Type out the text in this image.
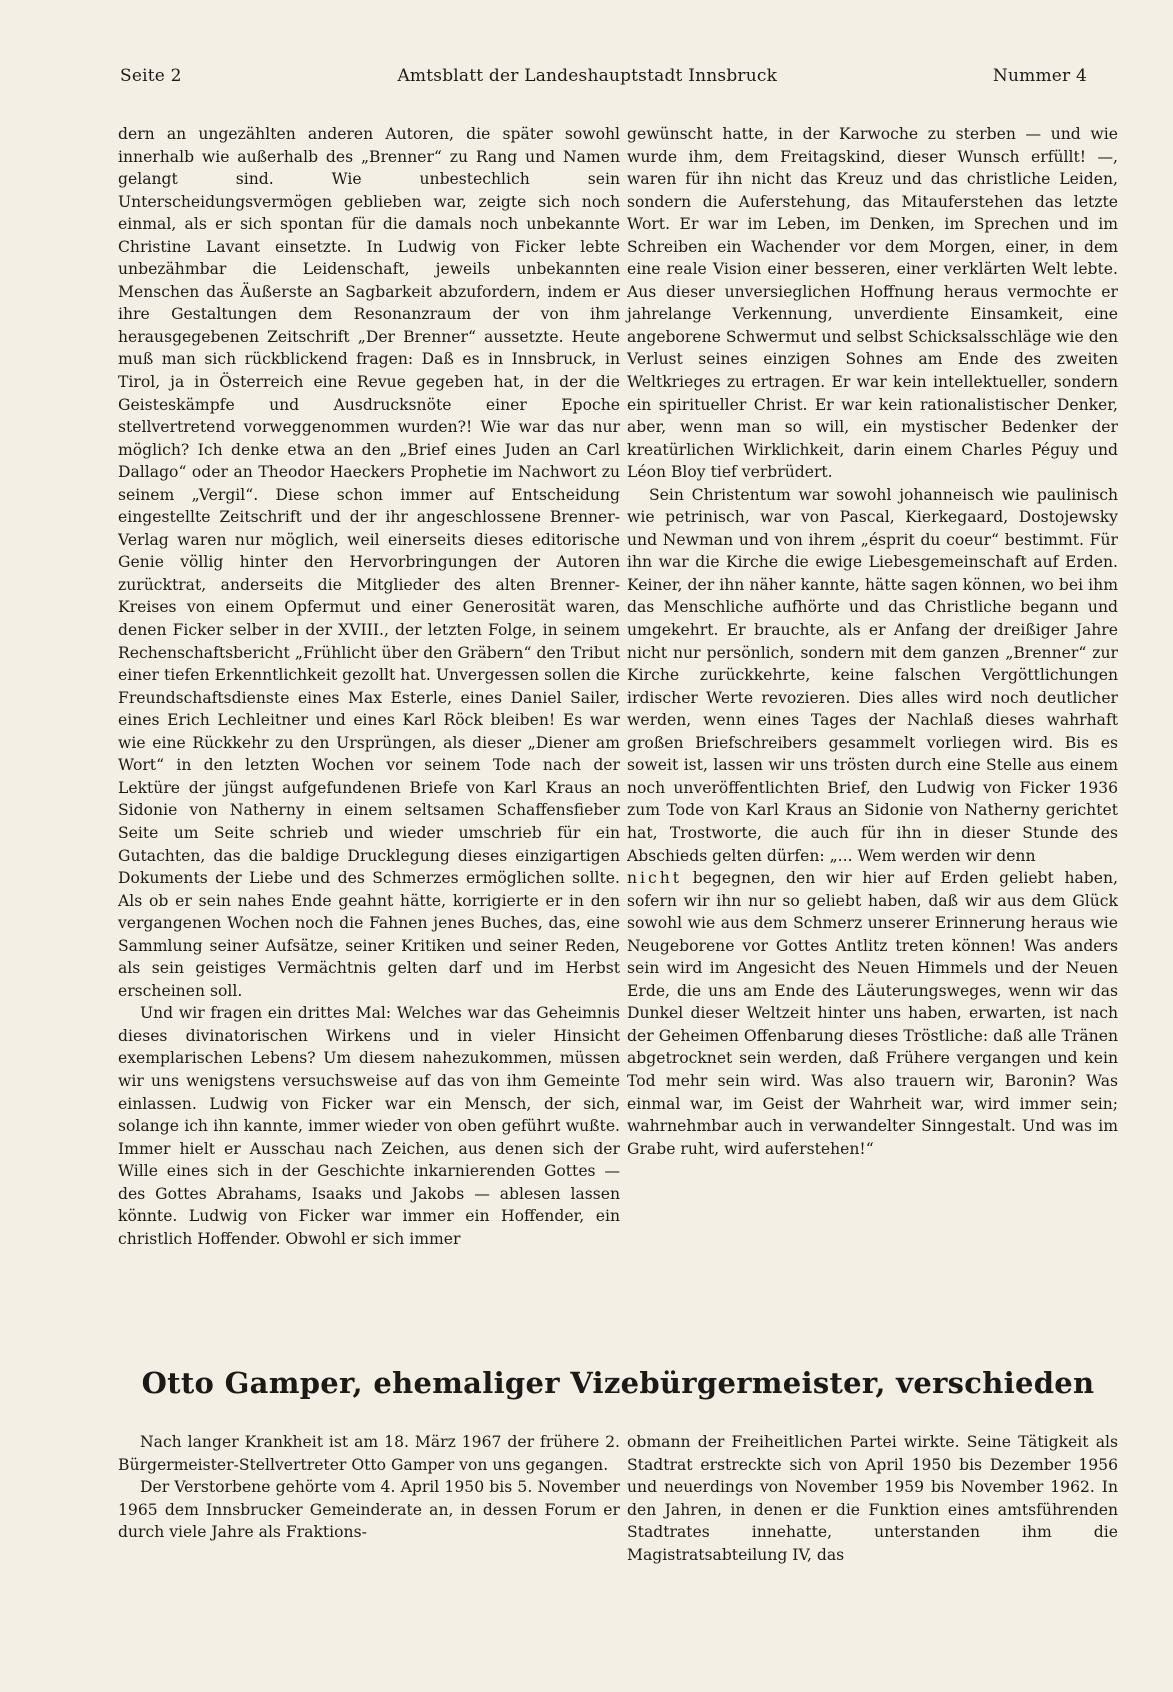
Seite 2	Amtsblatt der Landeshauptstadt Innsbruck	Nummer 4

dern an ungezählten anderen Autoren, die später sowohl innerhalb wie außerhalb des „Brenner“ zu Rang und Namen gelangt sind. Wie unbestechlich sein Unterscheidungsvermögen geblieben war, zeigte sich noch einmal, als er sich spontan für die damals noch unbekannte Christine Lavant einsetzte. In Ludwig von Ficker lebte unbezähmbar die Leidenschaft, jeweils unbekannten Menschen das Äußerste an Sagbarkeit abzufordern, indem er ihre Gestaltungen dem Resonanzraum der von ihm herausgegebenen Zeitschrift „Der Brenner“ aussetzte. Heute muß man sich rückblickend fragen: Daß es in Innsbruck, in Tirol, ja in Österreich eine Revue gegeben hat, in der die Geisteskämpfe und Ausdrucksnöte einer Epoche stellvertretend vorweggenommen wurden?! Wie war das nur möglich? Ich denke etwa an den „Brief eines Juden an Carl Dallago“ oder an Theodor Haeckers Prophetie im Nachwort zu seinem „Vergil“. Diese schon immer auf Entscheidung eingestellte Zeitschrift und der ihr angeschlossene Brenner-Verlag waren nur möglich, weil einerseits dieses editorische Genie völlig hinter den Hervorbringungen der Autoren zurücktrat, anderseits die Mitglieder des alten Brenner-Kreises von einem Opfermut und einer Generosität waren, denen Ficker selber in der XVIII., der letzten Folge, in seinem Rechenschaftsbericht „Frühlicht über den Gräbern“ den Tribut einer tiefen Erkenntlichkeit gezollt hat. Unvergessen sollen die Freundschaftsdienste eines Max Esterle, eines Daniel Sailer, eines Erich Lechleitner und eines Karl Röck bleiben! Es war wie eine Rückkehr zu den Ursprüngen, als dieser „Diener am Wort“ in den letzten Wochen vor seinem Tode nach der Lektüre der jüngst aufgefundenen Briefe von Karl Kraus an Sidonie von Natherny in einem seltsamen Schaffensfieber Seite um Seite schrieb und wieder umschrieb für ein Gutachten, das die baldige Drucklegung dieses einzigartigen Dokuments der Liebe und des Schmerzes ermöglichen sollte. Als ob er sein nahes Ende geahnt hätte, korrigierte er in den vergangenen Wochen noch die Fahnen jenes Buches, das, eine Sammlung seiner Aufsätze, seiner Kritiken und seiner Reden, als sein geistiges Vermächtnis gelten darf und im Herbst erscheinen soll.

Und wir fragen ein drittes Mal: Welches war das Geheimnis dieses divinatorischen Wirkens und in vieler Hinsicht exemplarischen Lebens? Um diesem nahezukommen, müssen wir uns wenigstens versuchsweise auf das von ihm Gemeinte einlassen. Ludwig von Ficker war ein Mensch, der sich, solange ich ihn kannte, immer wieder von oben geführt wußte. Immer hielt er Ausschau nach Zeichen, aus denen sich der Wille eines sich in der Geschichte inkarnierenden Gottes — des Gottes Abrahams, Isaaks und Jakobs — ablesen lassen könnte. Ludwig von Ficker war immer ein Hoffender, ein christlich Hoffender. Obwohl er sich immer

gewünscht hatte, in der Karwoche zu sterben — und wie wurde ihm, dem Freitagskind, dieser Wunsch erfüllt! —, waren für ihn nicht das Kreuz und das christliche Leiden, sondern die Auferstehung, das Mitauferstehen das letzte Wort. Er war im Leben, im Denken, im Sprechen und im Schreiben ein Wachender vor dem Morgen, einer, in dem eine reale Vision einer besseren, einer verklärten Welt lebte. Aus dieser unversieglichen Hoffnung heraus vermochte er jahrelange Verkennung, unverdiente Einsamkeit, eine angeborene Schwermut und selbst Schicksalsschläge wie den Verlust seines einzigen Sohnes am Ende des zweiten Weltkrieges zu ertragen. Er war kein intellektueller, sondern ein spiritueller Christ. Er war kein rationalistischer Denker, aber, wenn man so will, ein mystischer Bedenker der kreatürlichen Wirklichkeit, darin einem Charles Péguy und Léon Bloy tief verbrüdert.

Sein Christentum war sowohl johanneisch wie paulinisch wie petrinisch, war von Pascal, Kierkegaard, Dostojewsky und Newman und von ihrem „ésprit du coeur“ bestimmt. Für ihn war die Kirche die ewige Liebesgemeinschaft auf Erden. Keiner, der ihn näher kannte, hätte sagen können, wo bei ihm das Menschliche aufhörte und das Christliche begann und umgekehrt. Er brauchte, als er Anfang der dreißiger Jahre nicht nur persönlich, sondern mit dem ganzen „Brenner“ zur Kirche zurückkehrte, keine falschen Vergöttlichungen irdischer Werte revozieren. Dies alles wird noch deutlicher werden, wenn eines Tages der Nachlaß dieses wahrhaft großen Briefschreibers gesammelt vorliegen wird. Bis es soweit ist, lassen wir uns trösten durch eine Stelle aus einem noch unveröffentlichten Brief, den Ludwig von Ficker 1936 zum Tode von Karl Kraus an Sidonie von Natherny gerichtet hat, Trostworte, die auch für ihn in dieser Stunde des Abschieds gelten dürfen: „... Wem werden wir denn

nicht begegnen, den wir hier auf Erden geliebt haben, sofern wir ihn nur so geliebt haben, daß wir aus dem Glück sowohl wie aus dem Schmerz unserer Erinnerung heraus wie Neugeborene vor Gottes Antlitz treten können! Was anders sein wird im Angesicht des Neuen Himmels und der Neuen Erde, die uns am Ende des Läuterungsweges, wenn wir das Dunkel dieser Weltzeit hinter uns haben, erwarten, ist nach der Geheimen Offenbarung dieses Tröstliche: daß alle Tränen abgetrocknet sein werden, daß Frühere vergangen und kein Tod mehr sein wird. Was also trauern wir, Baronin? Was einmal war, im Geist der Wahrheit war, wird immer sein; wahrnehmbar auch in verwandelter Sinngestalt. Und was im Grabe ruht, wird auferstehen!“

Otto Gamper, ehemaliger Vizebürgermeister, verschieden

Nach langer Krankheit ist am 18. März 1967 der frühere 2. Bürgermeister-Stellvertreter Otto Gamper von uns gegangen.

Der Verstorbene gehörte vom 4. April 1950 bis 5. November 1965 dem Innsbrucker Gemeinderate an, in dessen Forum er durch viele Jahre als Fraktions-

obmann der Freiheitlichen Partei wirkte. Seine Tätigkeit als Stadtrat erstreckte sich von April 1950 bis Dezember 1956 und neuerdings von November 1959 bis November 1962. In den Jahren, in denen er die Funktion eines amtsführenden Stadtrates innehatte, unterstanden ihm die Magistratsabteilung IV, das
